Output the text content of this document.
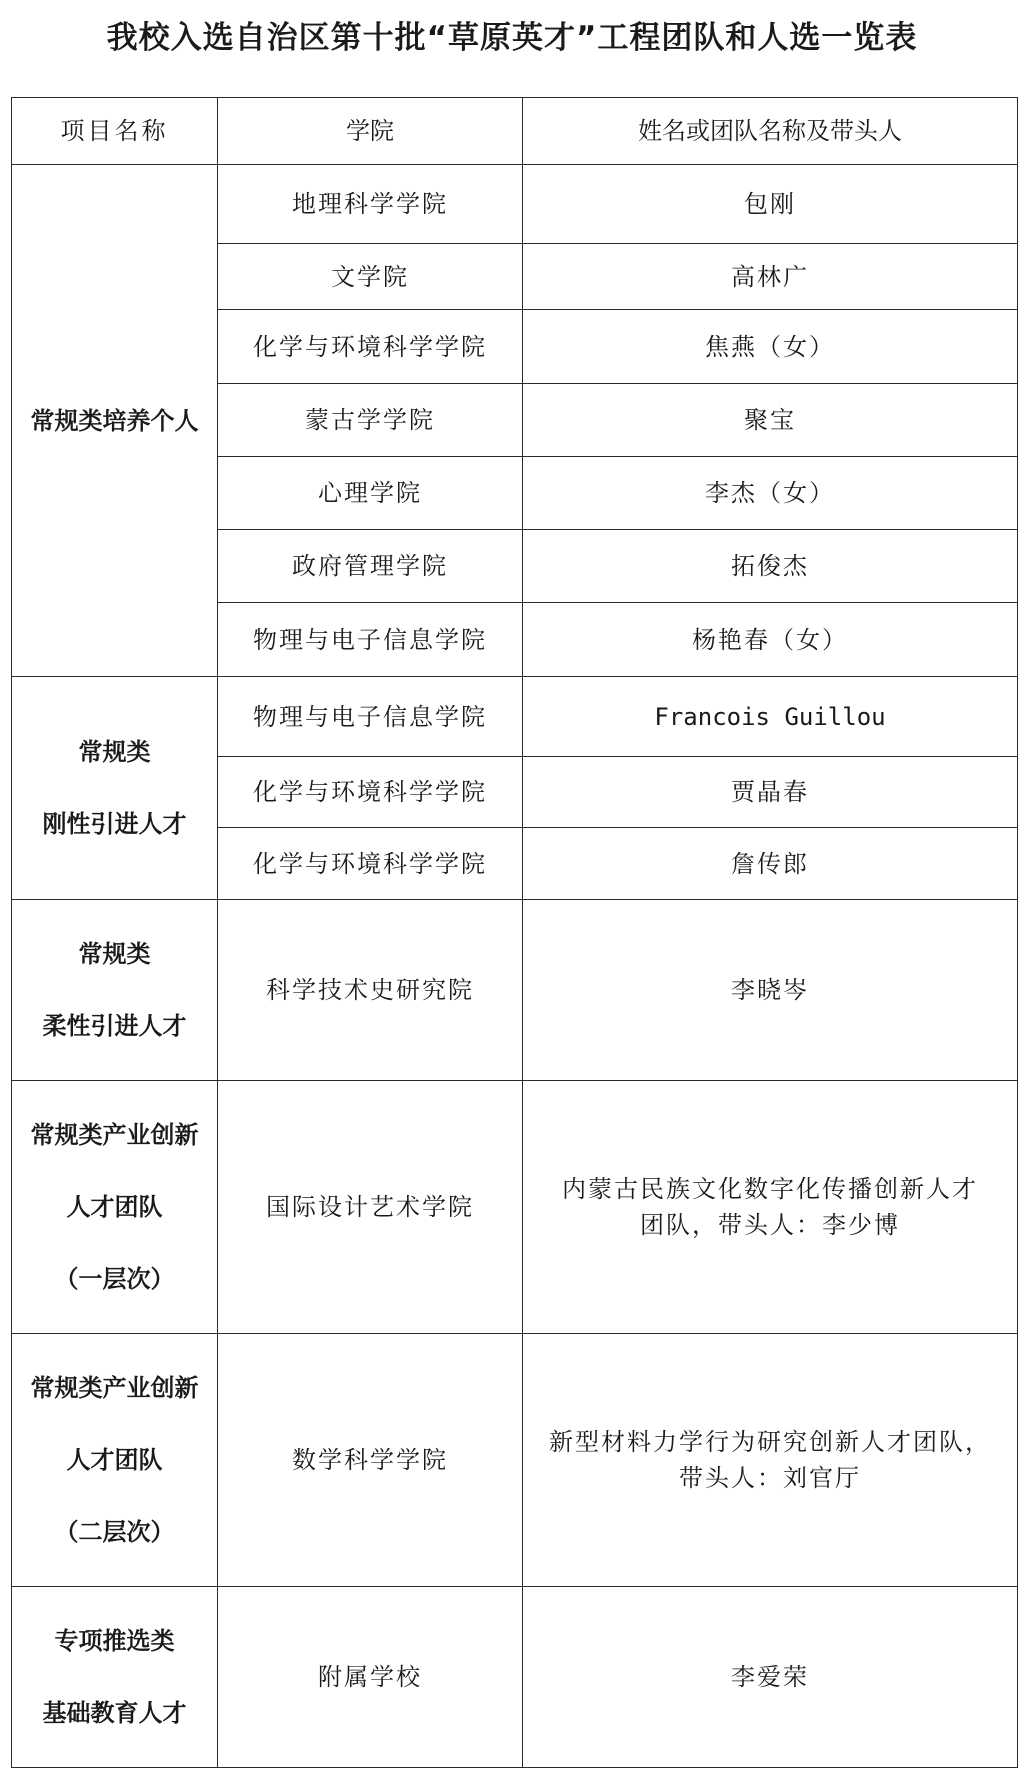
我校入选自治区第十批“草原英才”工程团队和人选一览表
项目名称	学院	姓名或团队名称及带头人
常规类培养个人	地理科学学院	包刚
	文学院	高林广
	化学与环境科学学院	焦燕（女）
	蒙古学学院	聚宝
	心理学院	李杰（女）
	政府管理学院	拓俊杰
	物理与电子信息学院	杨艳春（女）

常规类

刚性引进人才	物理与电子信息学院	Francois Guillou
	化学与环境科学学院	贾晶春
	化学与环境科学学院	詹传郎

常规类

柔性引进人才	科学技术史研究院	李晓岑

常规类产业创新

人才团队

（一层次）	国际设计艺术学院	内蒙古民族文化数字化传播创新人才
团队，带头人：李少博

常规类产业创新

人才团队

（二层次）	数学科学学院	新型材料力学行为研究创新人才团队，
带头人：刘官厅

专项推选类

基础教育人才	附属学校	李爱荣
